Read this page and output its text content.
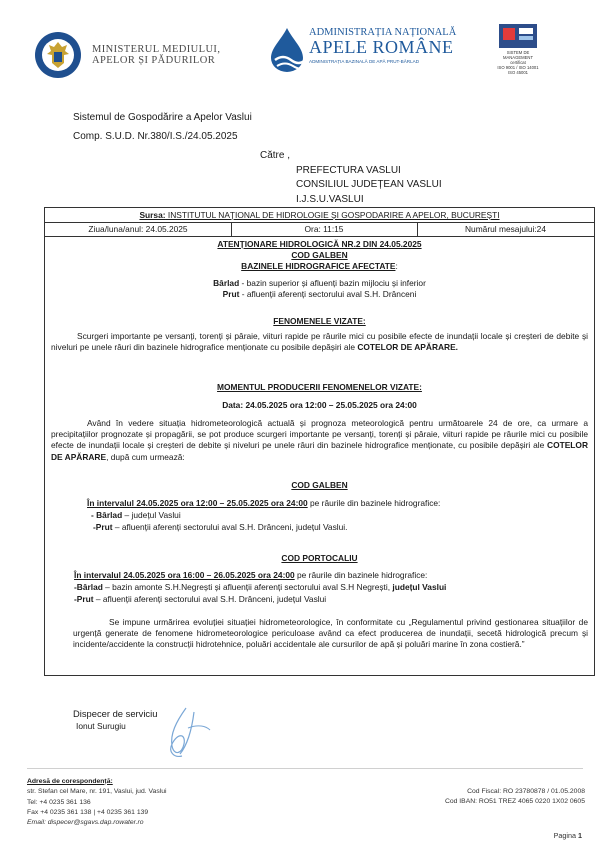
MINISTERUL MEDIULUI,
APELOR ȘI PĂDURILOR
ADMINISTRAȚIA NAȚIONALĂ
APELE ROMÂNE
ADMINISTRAȚIA BAZINALĂ DE APĂ PRUT-BÂRLAD
SISTEM DE MANAGEMENT
certificat
ISO 9001 / ISO 14001
ISO 45001
Sistemul de Gospodărire a Apelor Vaslui
Comp. S.U.D. Nr.380/I.S./24.05.2025
Către ,
PREFECTURA VASLUI
CONSILIUL JUDEȚEAN VASLUI
I.J.S.U.VASLUI
Sursa: INSTITUTUL NAȚIONAL DE HIDROLOGIE ȘI GOSPODARIRE A APELOR, BUCUREȘTI
Ziua/luna/anul: 24.05.2025	Ora: 11:15	Numărul mesajului:24
ATENȚIONARE HIDROLOGICĂ NR.2 DIN 24.05.2025
COD GALBEN
BAZINELE HIDROGRAFICE AFECTATE:
Bârlad - bazin superior și afluenți bazin mijlociu și inferior
Prut - afluenții aferenți sectorului aval S.H. Drânceni
FENOMENELE VIZATE:
Scurgeri importante pe versanți, torenți și pâraie, viituri rapide pe râurile mici cu posibile efecte de inundații locale și creșteri de debite și niveluri pe unele râuri din bazinele hidrografice menționate cu posibile depășiri ale COTELOR DE APĂRARE.
MOMENTUL PRODUCERII FENOMENELOR VIZATE:
Data: 24.05.2025 ora 12:00 – 25.05.2025 ora 24:00
Având în vedere situația hidrometeorologică actuală și prognoza meteorologică pentru următoarele 24 de ore, ca urmare a precipitațiilor prognozate și propagării, se pot produce scurgeri importante pe versanți, torenți și pâraie, viituri rapide pe râurile mici cu posibile efecte de inundații locale și creșteri de debite și niveluri pe unele râuri din bazinele hidrografice menționate, cu posibile depășiri ale COTELOR DE APĂRARE, după cum urmează:
COD GALBEN
În intervalul 24.05.2025 ora 12:00 – 25.05.2025 ora 24:00 pe râurile din bazinele hidrografice:
- Bârlad – județul Vaslui
-Prut – afluenții aferenți sectorului aval S.H. Drânceni, județul Vaslui.
COD PORTOCALIU
În intervalul 24.05.2025 ora 16:00 – 26.05.2025 ora 24:00 pe râurile din bazinele hidrografice:
-Bârlad – bazin amonte S.H.Negrești și afluenții aferenți sectorului aval S.H Negrești, județul Vaslui
-Prut – afluenții aferenți sectorului aval S.H. Drânceni, județul Vaslui
Se impune urmărirea evoluției situației hidrometeorologice, în conformitate cu „Regulamentul privind gestionarea situațiilor de urgență generate de fenomene hidrometeorologice periculoase având ca efect producerea de inundații, secetă hidrologică precum și incidente/accidente la construcții hidrotehnice, poluări accidentale ale cursurilor de apă și poluări marine în zona costieră.”
Dispecer de serviciu
Ionut Surugiu
Adresă de corespondență:
str. Stefan cel Mare, nr. 191, Vaslui, jud. Vaslui
Tel: +4 0235 361 136
Fax +4 0235 361 138 | +4 0235 361 139
Email: dispecer@sgavs.dap.rowater.ro
Cod Fiscal: RO 23780878 / 01.05.2008
Cod IBAN: RO51 TREZ 4065 0220 1X02 0605
Pagina 1
